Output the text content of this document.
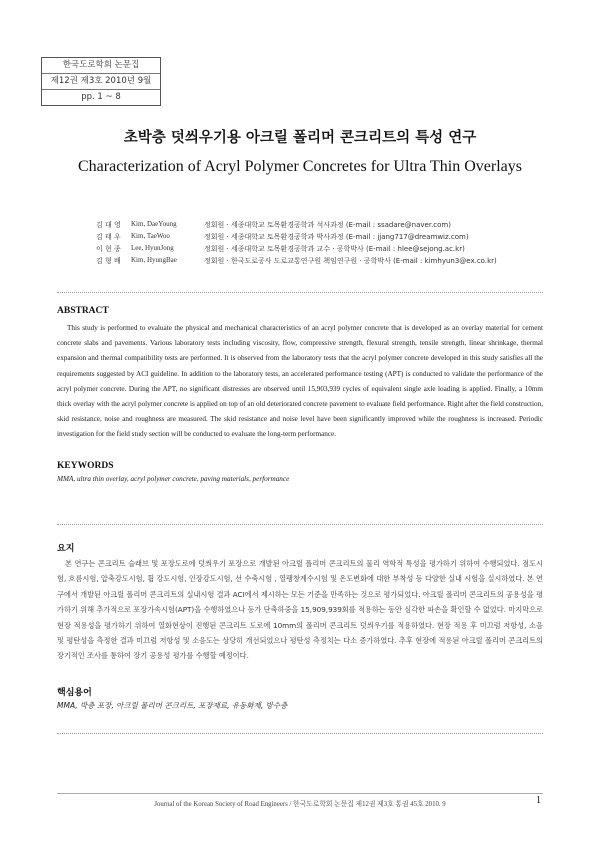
한국도로학회 논문집
제12권 제3호 2010년 9월
pp. 1 ~ 8
초박층 덧씌우기용 아크릴 폴리머 콘크리트의 특성 연구
Characterization of Acryl Polymer Concretes for Ultra Thin Overlays
김 대 영 Kim, DaeYoung	정회원 · 세종대학교 토목환경공학과 석사과정 (E-mail : ssadare@naver.com)
김 태 우 Kim, TaeWoo	정회원 · 세종대학교 토목환경공학과 박사과정 (E-mail : jjang717@dreamwiz.com)
이 현 종 Lee, HyunJong	정회원 · 세종대학교 토목환경공학과 교수 · 공학박사 (E-mail : hlee@sejong.ac.kr)
김 형 배 Kim, HyungBae	정회원 · 한국도로공사 도로교통연구원 책임연구원 · 공학박사 (E-mail : kimhyun3@ex.co.kr)
ABSTRACT

This study is performed to evaluate the physical and mechanical characteristics of an acryl polymer concrete that is developed as an overlay material for cement concrete slabs and pavements. Various laboratory tests including viscosity, flow, compressive strength, flexural strength, tensile strength, linear shrinkage, thermal expansion and thermal compatibility tests are performed. It is observed from the laboratory tests that the acryl polymer concrete developed in this study satisfies all the requirements suggested by ACI guideline. In addition to the laboratory tests, an accelerated performance testing (APT) is conducted to validate the performance of the acryl polymer concrete. During the APT, no significant distresses are observed until 15,903,939 cycles of equivalent single axle loading is applied. Finally, a 10mm thick overlay with the acryl polymer concrete is applied on top of an old deteriorated concrete pavement to evaluate field performance. Right after the field construction, skid resistance, noise and roughness are measured. The skid resistance and noise level have been significantly improved while the roughness is increased. Periodic investigation for the field study section will be conducted to evaluate the long-term performance.

KEYWORDS

MMA, ultra thin overlay, acryl polymer concrete, paving materials, performance

요지

본 연구는 콘크리트 슬래브 및 포장도로에 덧씌우기 포장으로 개발된 아크릴 폴리머 콘크리트의 물리 역학적 특성을 평가하기 위하여 수행되었다. 점도시험, 흐름시험, 압축강도시험, 휨 강도시험, 인장강도시험, 선 수축시험 , 열팽창계수시험 및 온도변화에 대한 부착성 등 다양한 실내 시험을 실시하였다. 본 연구에서 개발된 아크릴 폴리머 콘크리트의 실내시험 결과 ACI에서 제시하는 모든 기준을 만족하는 것으로 평가되었다. 아크릴 폴리머 콘크리트의 공용성을 평가하기 위해 추가적으로 포장가속시험(APT)을 수행하였으나 등가 단축하중을 15,909,939회를 적용하는 동안 심각한 파손을 확인할 수 없었다. 마지막으로 현장 적용성을 평가하기 위하여 열화현상이 진행된 콘크리트 도로에 10mm의 폴리머 콘크리트 덧씌우기를 적용하였다. 현장 적용 후 미끄럼 저항성, 소음 및 평탄성을 측정한 결과 미끄럼 저항성 및 소음도는 상당히 개선되었으나 평탄성 측정치는 다소 증가하였다. 추후 현장에 적용된 아크릴 폴리머 콘크리트의 장기적인 조사를 통하여 장기 공용성 평가를 수행할 예정이다.

핵심용어

MMA, 박층 포장, 아크릴 폴리머 콘크리트, 포장재료, 유동화제, 방수층

Journal of the Korean Society of Road Engineers / 한국도로학회 논문집 제12권 제3호 통권 45호 2010. 9	1
